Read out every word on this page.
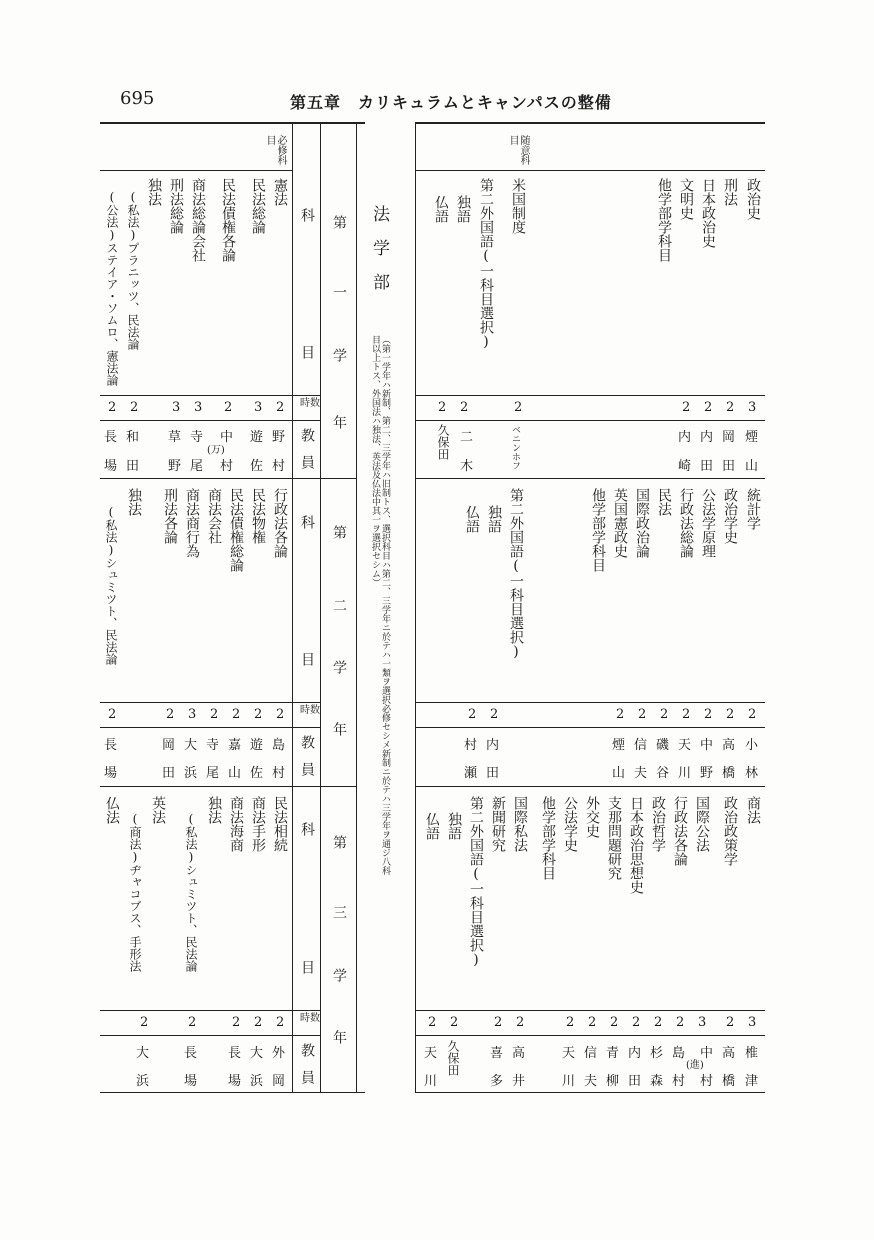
695	第五章　カリキュラムとキャンパスの整備
法　学　部
（第一学年ハ新制、第二、三学年ハ旧制トス、選択科目ハ第二、三学年ニ於テハ一類ヲ選択必修セシメ新制ニ於テハ三学年ヲ通ジ八科目以上トス、外国法ハ独法、英法及仏法中其一ヲ選択セシム）
科
目
時数
教
員
科
目
時数
教
員
科
目
時数
教
員
第
一
学
年
第
二
学
年
第
三
学
年
必修科目	随意科目
憲法
民法総論
民法債権各論
商法総論会社
刑法総論
独法
(私法)プラニッツ、民法論
(公法)ステイア・ソムロ、憲法論
2
3
2
3
3
2
2
野
村
遊
佐
中
(万)
村
寺
尾
草
野
和
田
長
場
政治史
刑法
日本政治史
文明史
他学部学科目
米国制度
第二外国語(一科目選択)
独語
仏語
3
2
2
2
2
2
2
煙
山
岡
田
内
田
内
崎
ベニンホフ
二
木
久保田
行政法各論
民法物権
民法債権総論
商法会社
商法商行為
刑法各論
独法
(私法)シュミツト、民法論
2
2
2
2
3
2
2
島
村
遊
佐
嘉
山
寺
尾
大
浜
岡
田
長
場
統計学
政治学史
公法学原理
行政法総論
民法
国際政治論
英国憲政史
他学部学科目
第二外国語(一科目選択)
独語
仏語
2
2
2
2
2
2
2
2
2
小
林
高
橋
中
野
天
川
磯
谷
信
夫
煙
山
内
田
村
瀬
民法相続
商法手形
商法海商
独法
(私法)シュミツト、民法論
英法
(商法)ヂャコブス、手形法
仏法
2
2
2
2
2
外
岡
大
浜
長
場
長
場
大
浜
商法
政治政策学
国際公法
行政法各論
政治哲学
日本政治思想史
支那問題研究
外交史
公法学史
他学部学科目
国際私法
新聞研究
第二外国語(一科目選択)
独語
仏語
3
2
3
2
2
2
2
2
2
2
2
2
2
椎
津
高
橋
中
(進)
村
島
村
杉
森
内
田
青
柳
信
夫
天
川
高
井
喜
多
久保田
天
川
